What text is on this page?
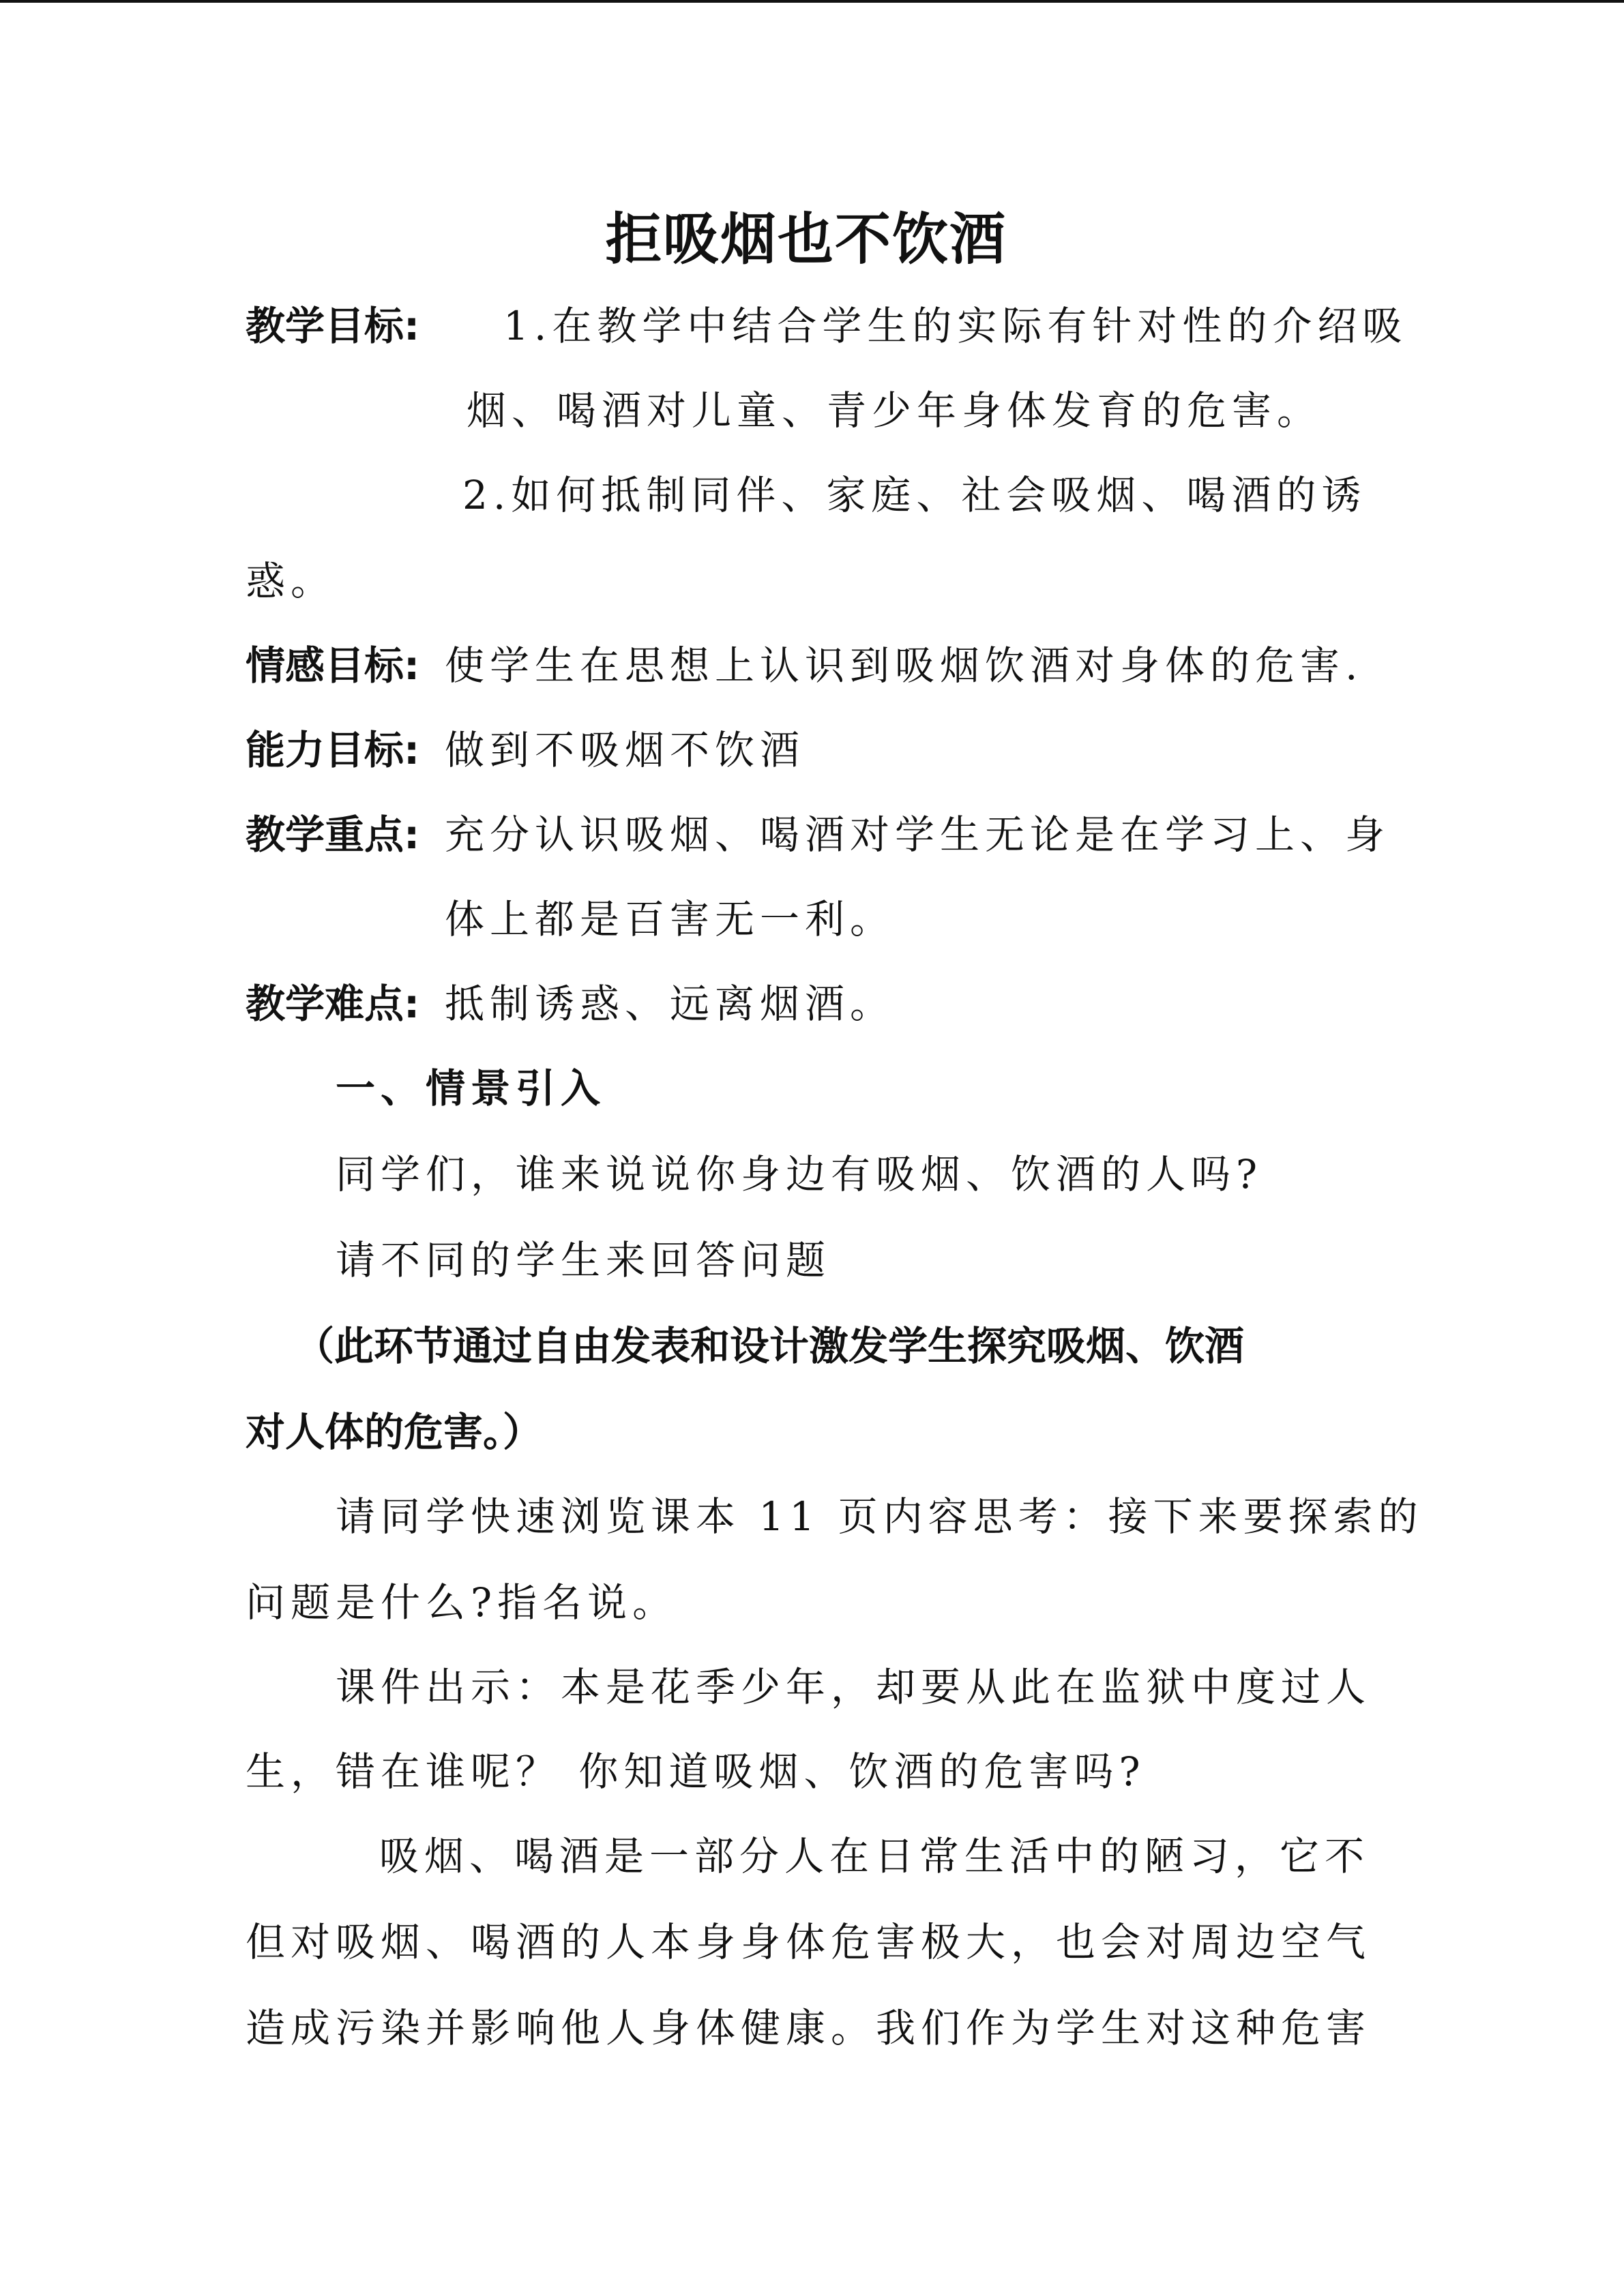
拒吸烟也不饮酒
教学目标: 1.在教学中结合学生的实际有针对性的介绍吸
烟、喝酒对儿童、青少年身体发育的危害。
2.如何抵制同伴、家庭、社会吸烟、喝酒的诱
惑。
情感目标: 使学生在思想上认识到吸烟饮酒对身体的危害.
能力目标: 做到不吸烟不饮酒
教学重点: 充分认识吸烟、喝酒对学生无论是在学习上、身
体上都是百害无一利。
教学难点: 抵制诱惑、远离烟酒。
一、情景引入
同学们，谁来说说你身边有吸烟、饮酒的人吗?
请不同的学生来回答问题
（此环节通过自由发表和设计激发学生探究吸烟、饮酒
对人体的危害。）
请同学快速浏览课本 11 页内容思考：接下来要探索的
问题是什么?指名说。
课件出示：本是花季少年，却要从此在监狱中度过人
生，错在谁呢？ 你知道吸烟、饮酒的危害吗?
吸烟、喝酒是一部分人在日常生活中的陋习，它不
但对吸烟、喝酒的人本身身体危害极大，也会对周边空气
造成污染并影响他人身体健康。我们作为学生对这种危害
